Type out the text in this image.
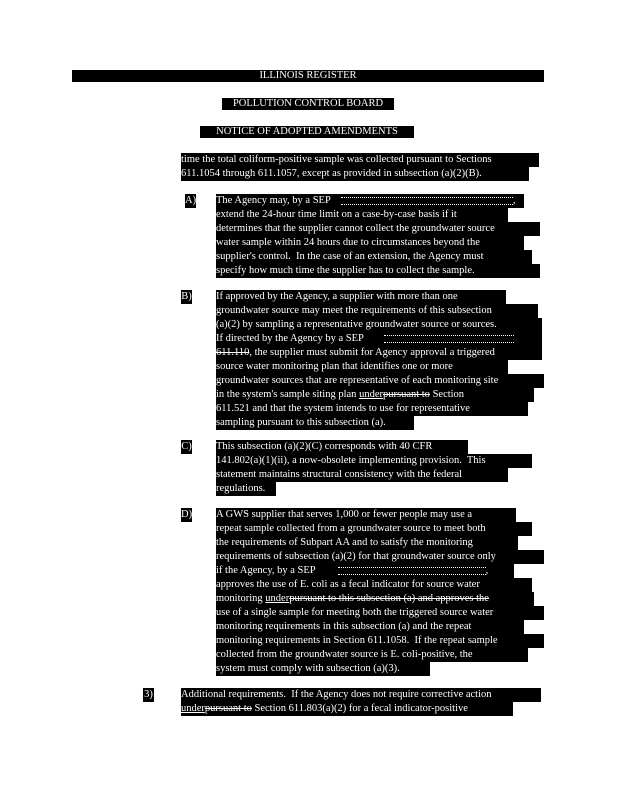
ILLINOIS REGISTER
POLLUTION CONTROL BOARD
NOTICE OF ADOPTED AMENDMENTS
time the total coliform-positive sample was collected pursuant to Sections
611.1054 through 611.1057, except as provided in subsection (a)(2)(B).
A) The Agency may, by a SEP	,
extend the 24-hour time limit on a case-by-case basis if it
determines that the supplier cannot collect the groundwater source
water sample within 24 hours due to circumstances beyond the
supplier's control.  In the case of an extension, the Agency must
specify how much time the supplier has to collect the sample.
B) If approved by the Agency, a supplier with more than one
groundwater source may meet the requirements of this subsection
(a)(2) by sampling a representative groundwater source or sources.
If directed by the Agency by a SEP
611.110, the supplier must submit for Agency approval a triggered
source water monitoring plan that identifies one or more
groundwater sources that are representative of each monitoring site
in the system's sample siting plan underpursuant to Section
611.521 and that the system intends to use for representative
sampling pursuant to this subsection (a).
C) This subsection (a)(2)(C) corresponds with 40 CFR
141.802(a)(1)(ii), a now-obsolete implementing provision.  This
statement maintains structural consistency with the federal
regulations.
D) A GWS supplier that serves 1,000 or fewer people may use a
repeat sample collected from a groundwater source to meet both
the requirements of Subpart AA and to satisfy the monitoring
requirements of subsection (a)(2) for that groundwater source only
if the Agency, by a SEP	,
approves the use of E. coli as a fecal indicator for source water
monitoring underpursuant to this subsection (a) and approves the
use of a single sample for meeting both the triggered source water
monitoring requirements in this subsection (a) and the repeat
monitoring requirements in Section 611.1058.  If the repeat sample
collected from the groundwater source is E. coli-positive, the
system must comply with subsection (a)(3).
3)	Additional requirements.  If the Agency does not require corrective action
underpursuant to Section 611.803(a)(2) for a fecal indicator-positive
